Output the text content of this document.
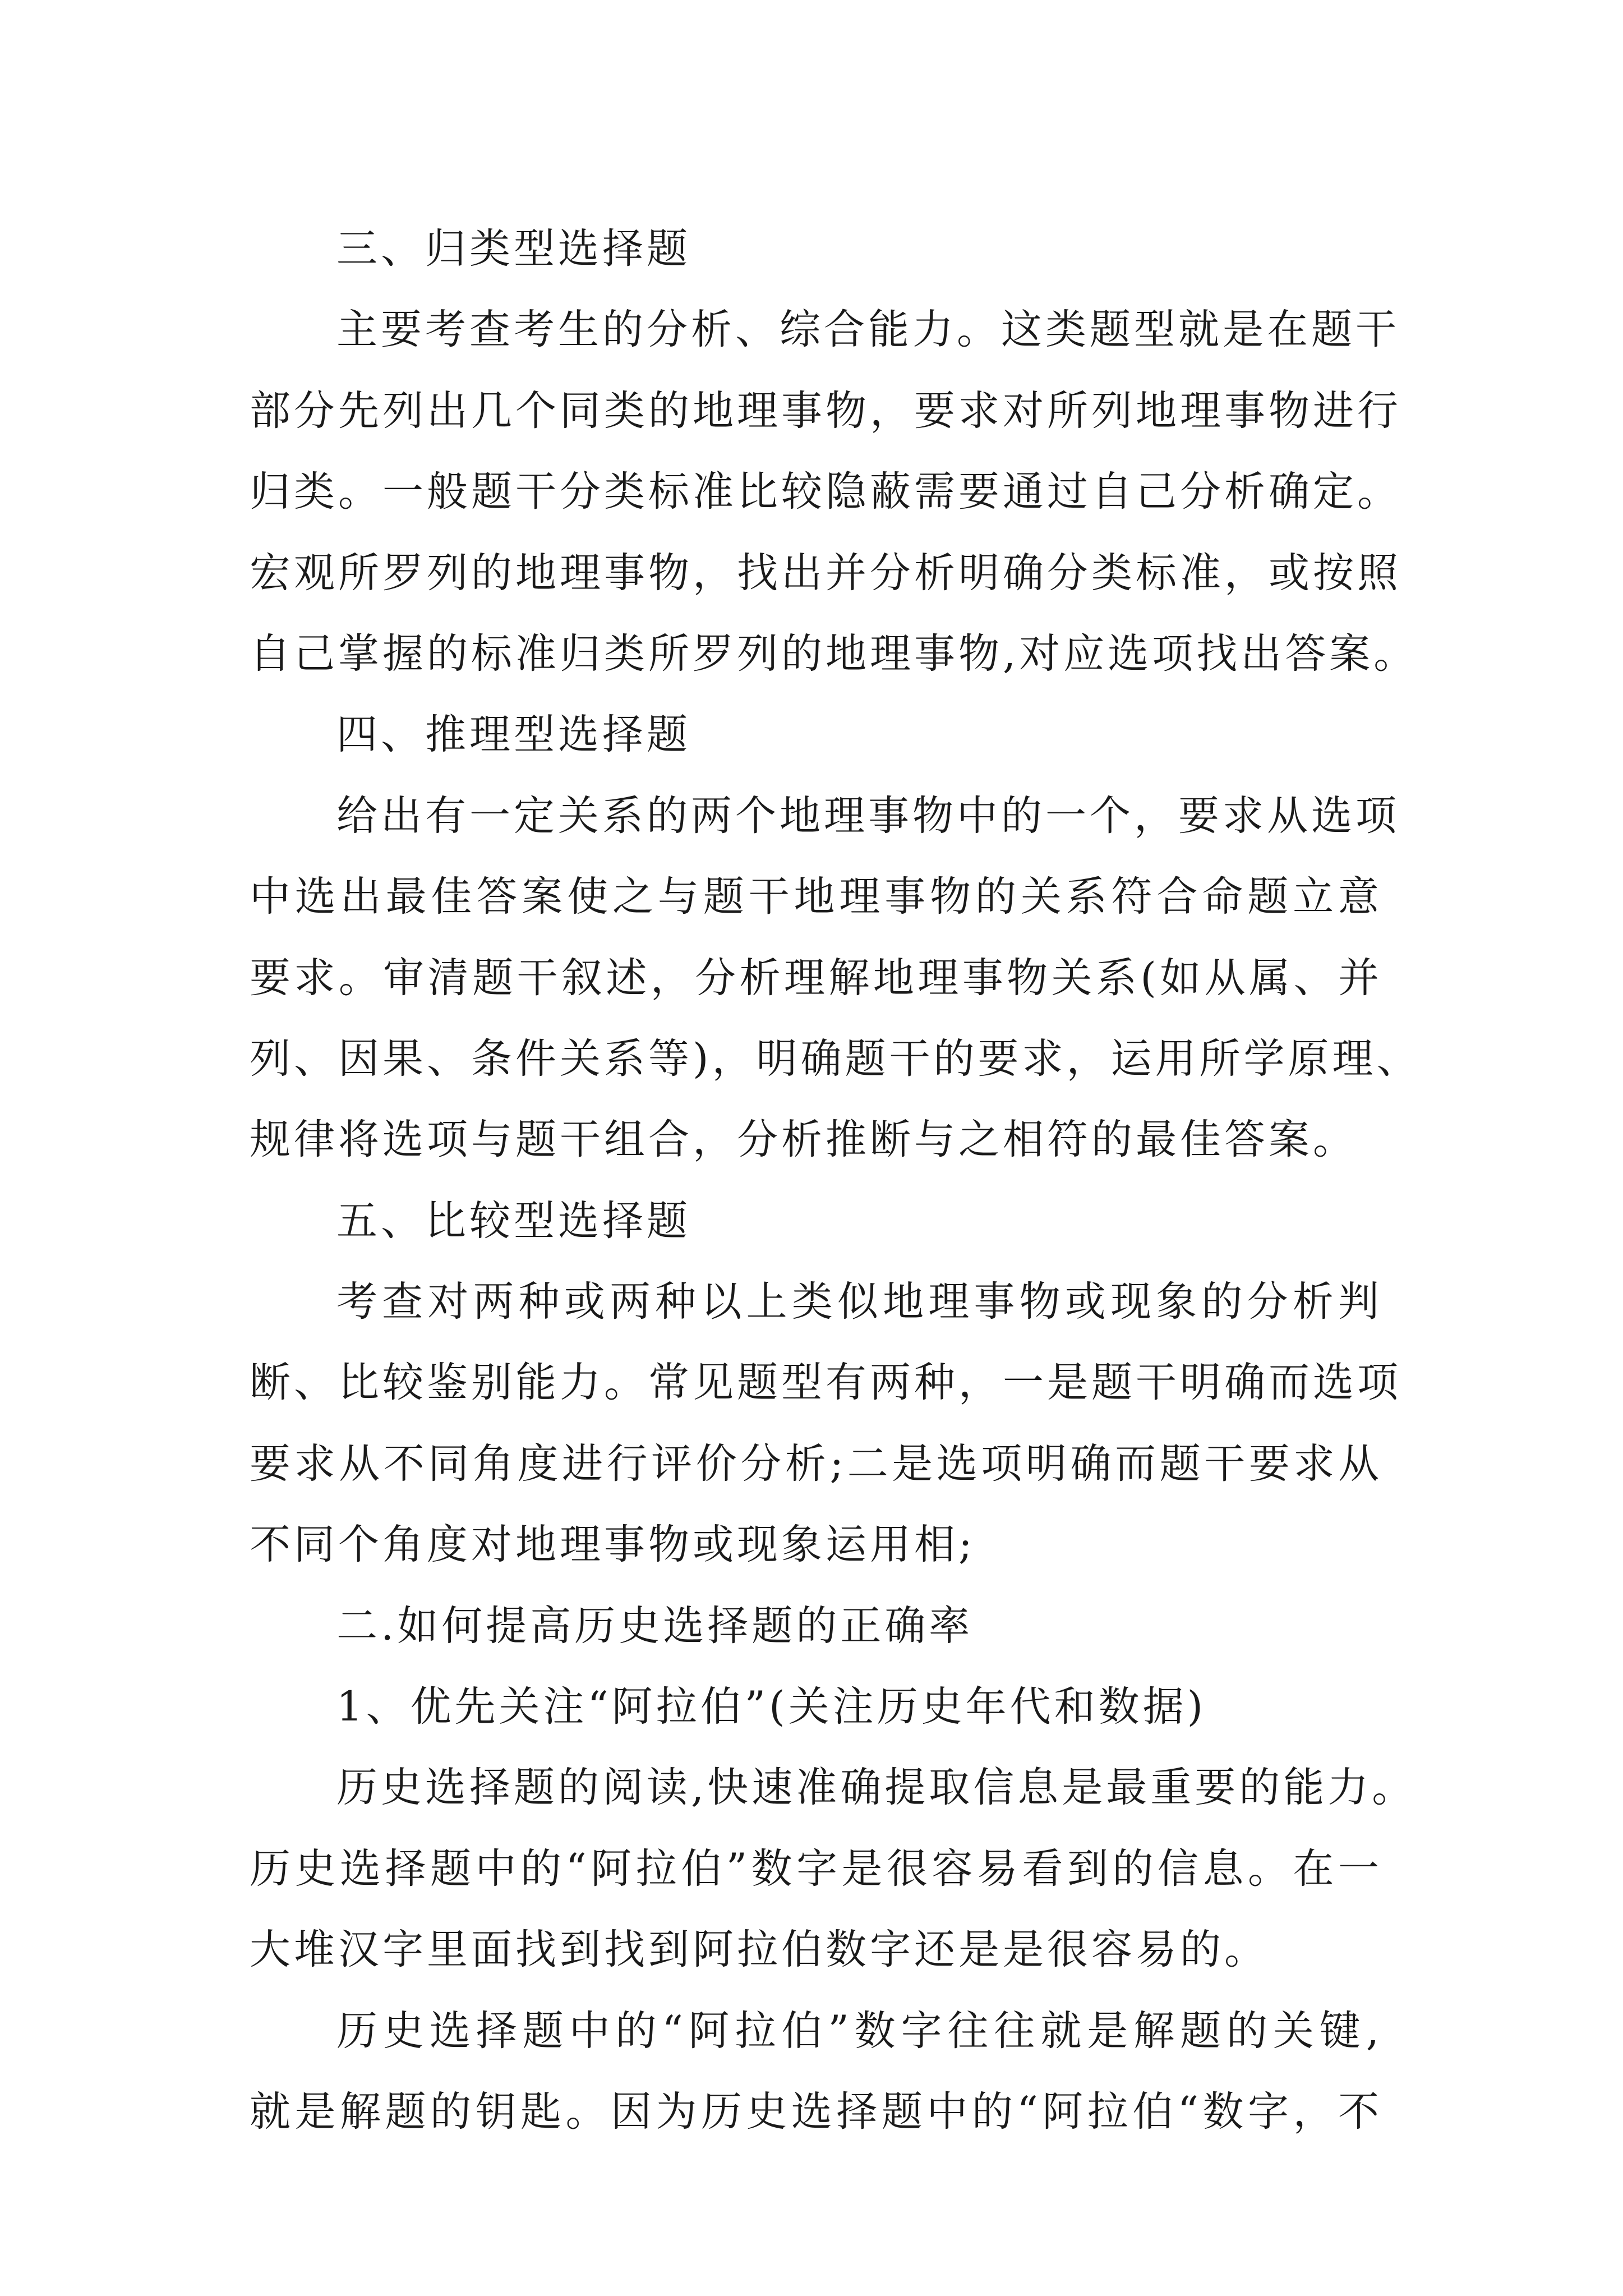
三、归类型选择题
主要考查考生的分析、综合能力。这类题型就是在题干
部分先列出几个同类的地理事物，要求对所列地理事物进行
归类。一般题干分类标准比较隐蔽需要通过自己分析确定。
宏观所罗列的地理事物，找出并分析明确分类标准，或按照
自己掌握的标准归类所罗列的地理事物,对应选项找出答案。
四、推理型选择题
给出有一定关系的两个地理事物中的一个，要求从选项
中选出最佳答案使之与题干地理事物的关系符合命题立意
要求。审清题干叙述，分析理解地理事物关系(如从属、并
列、因果、条件关系等)，明确题干的要求，运用所学原理、
规律将选项与题干组合，分析推断与之相符的最佳答案。
五、比较型选择题
考查对两种或两种以上类似地理事物或现象的分析判
断、比较鉴别能力。常见题型有两种，一是题干明确而选项
要求从不同角度进行评价分析;二是选项明确而题干要求从
不同个角度对地理事物或现象运用相;
二.如何提高历史选择题的正确率
1、优先关注“阿拉伯”(关注历史年代和数据)
历史选择题的阅读,快速准确提取信息是最重要的能力。
历史选择题中的“阿拉伯”数字是很容易看到的信息。在一
大堆汉字里面找到找到阿拉伯数字还是是很容易的。
历史选择题中的“阿拉伯”数字往往就是解题的关键,
就是解题的钥匙。因为历史选择题中的“阿拉伯“数字，不
